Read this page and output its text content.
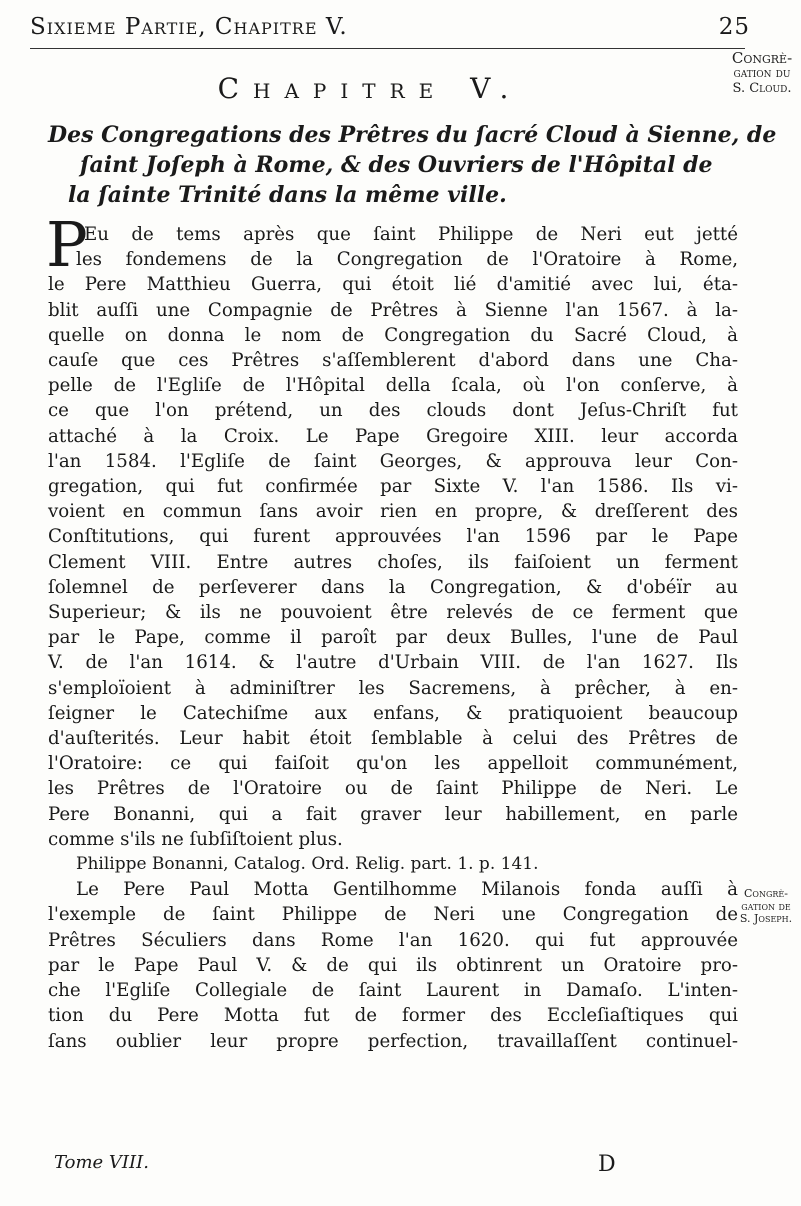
Sixieme Partie, Chapitre V.	25
Congrè-
gation du
S. Cloud.
Chapitre V.
Des Congregations des Prêtres du ſacré Cloud à Sienne, de
ſaint Joſeph à Rome, & des Ouvriers de l'Hôpital de
la ſainte Trinité dans la même ville.
P
Eu de tems après que ſaint Philippe de Neri eut jetté
les fondemens de la Congregation de l'Oratoire à Rome,
le Pere Matthieu Guerra, qui étoit lié d'amitié avec lui, éta-
blit auſſi une Compagnie de Prêtres à Sienne l'an 1567. à la-
quelle on donna le nom de Congregation du Sacré Cloud, à
cauſe que ces Prêtres s'aſſemblerent d'abord dans une Cha-
pelle de l'Egliſe de l'Hôpital della ſcala, où l'on conſerve, à
ce que l'on prétend, un des clouds dont Jeſus-Chriſt fut
attaché à la Croix. Le Pape Gregoire XIII. leur accorda
l'an 1584. l'Egliſe de ſaint Georges, & approuva leur Con-
gregation, qui fut confirmée par Sixte V. l'an 1586. Ils vi-
voient en commun ſans avoir rien en propre, & dreſſerent des
Conſtitutions, qui furent approuvées l'an 1596 par le Pape
Clement VIII. Entre autres choſes, ils faiſoient un ferment
ſolemnel de perſeverer dans la Congregation, & d'obéïr au
Superieur; & ils ne pouvoient être relevés de ce ferment que
par le Pape, comme il paroît par deux Bulles, l'une de Paul
V. de l'an 1614. & l'autre d'Urbain VIII. de l'an 1627. Ils
s'emploïoient à adminiſtrer les Sacremens, à prêcher, à en-
ſeigner le Catechiſme aux enfans, & pratiquoient beaucoup
d'auſterités. Leur habit étoit ſemblable à celui des Prêtres de
l'Oratoire: ce qui faiſoit qu'on les appelloit communément,
les Prêtres de l'Oratoire ou de ſaint Philippe de Neri. Le
Pere Bonanni, qui a fait graver leur habillement, en parle
comme s'ils ne ſubſiſtoient plus.
Philippe Bonanni, Catalog. Ord. Relig. part. 1. p. 141.
Le Pere Paul Motta Gentilhomme Milanois fonda auſſi à
l'exemple de ſaint Philippe de Neri une Congregation de
Prêtres Séculiers dans Rome l'an 1620. qui fut approuvée
par le Pape Paul V. & de qui ils obtinrent un Oratoire pro-
che l'Egliſe Collegiale de ſaint Laurent in Damaſo. L'inten-
tion du Pere Motta fut de former des Eccleſiaſtiques qui
ſans oublier leur propre perfection, travaillaſſent continuel-
Congrè-
gation de
S. Joseph.
Tome VIII.	D
